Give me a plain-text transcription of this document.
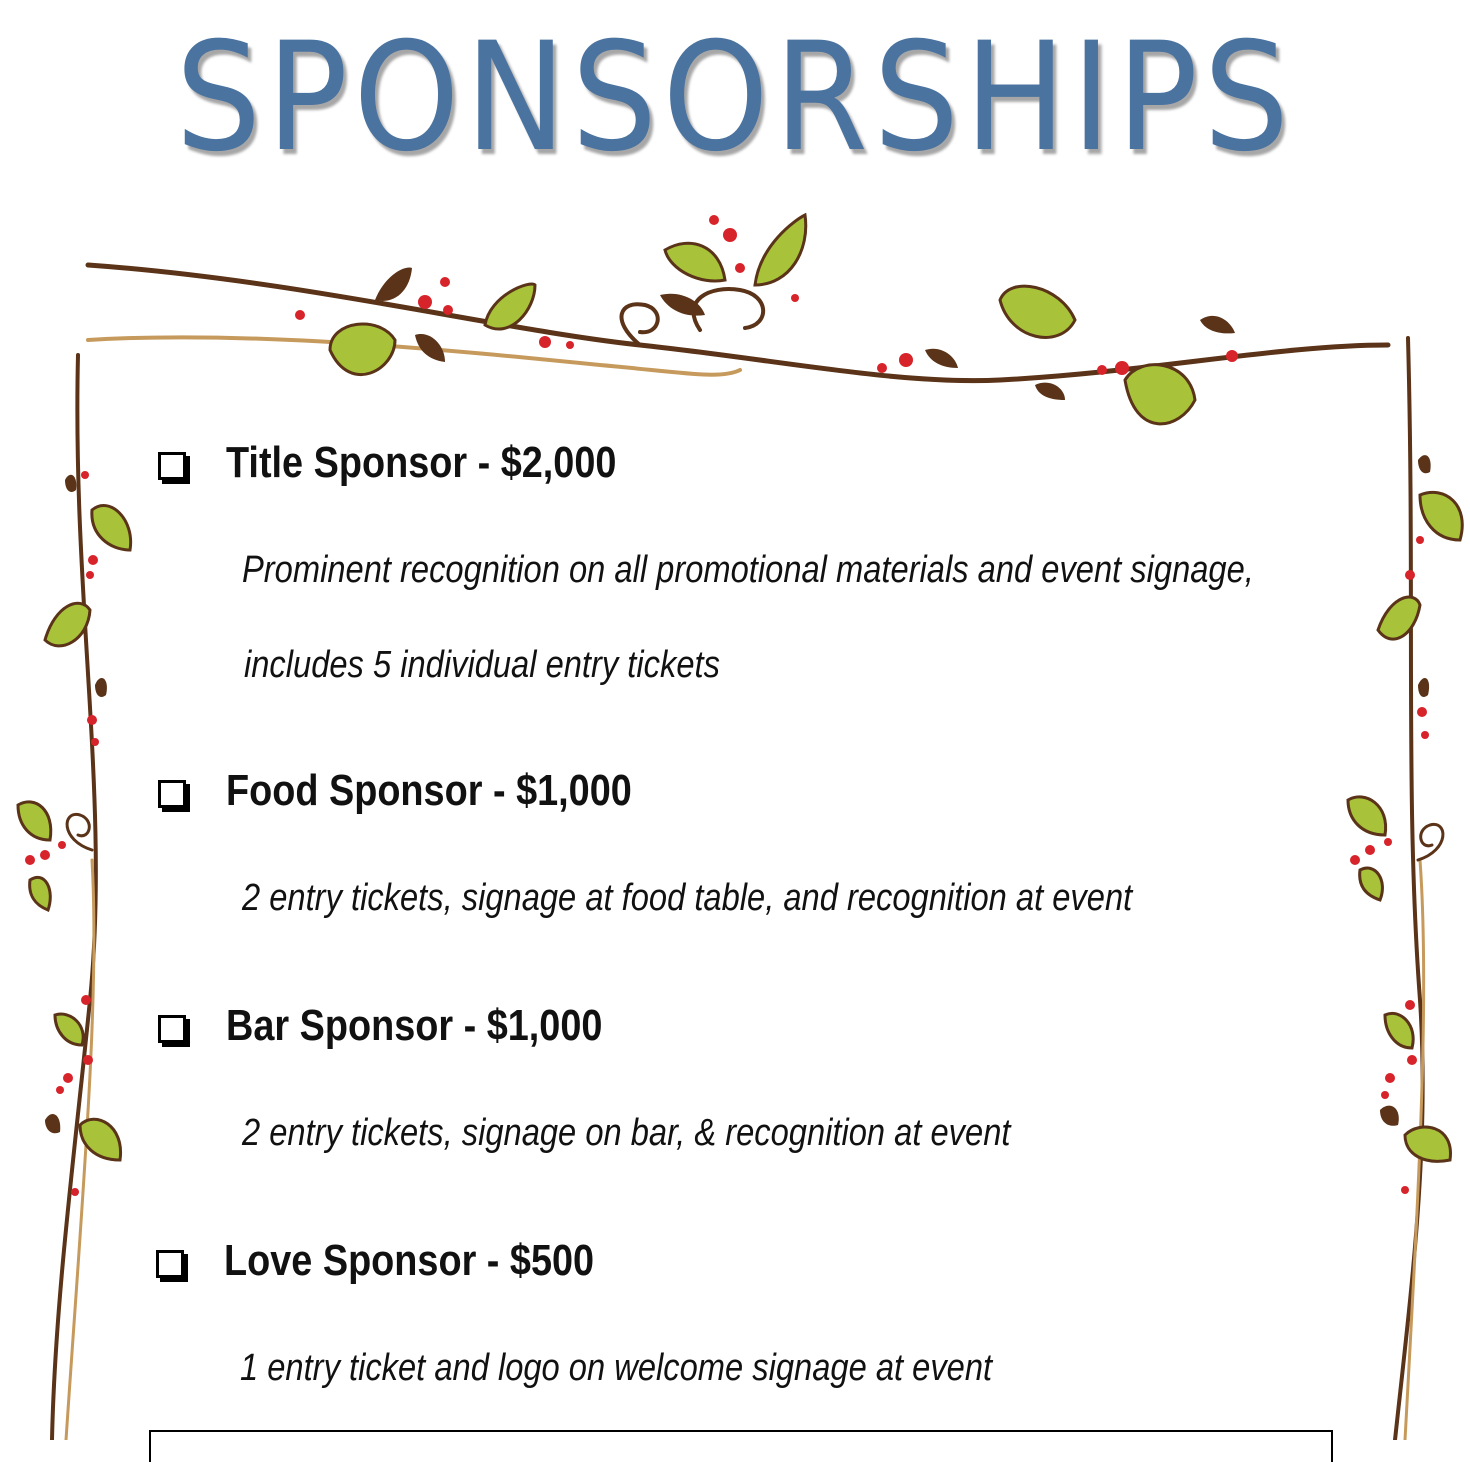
SPONSORSHIPS
Title Sponsor - $2,000
Prominent recognition on all promotional materials and event signage,
includes 5 individual entry tickets
Food Sponsor - $1,000
2 entry tickets, signage at food table, and recognition at event
Bar Sponsor - $1,000
2 entry tickets, signage on bar, & recognition at event
Love Sponsor - $500
1 entry ticket and logo on welcome signage at event
